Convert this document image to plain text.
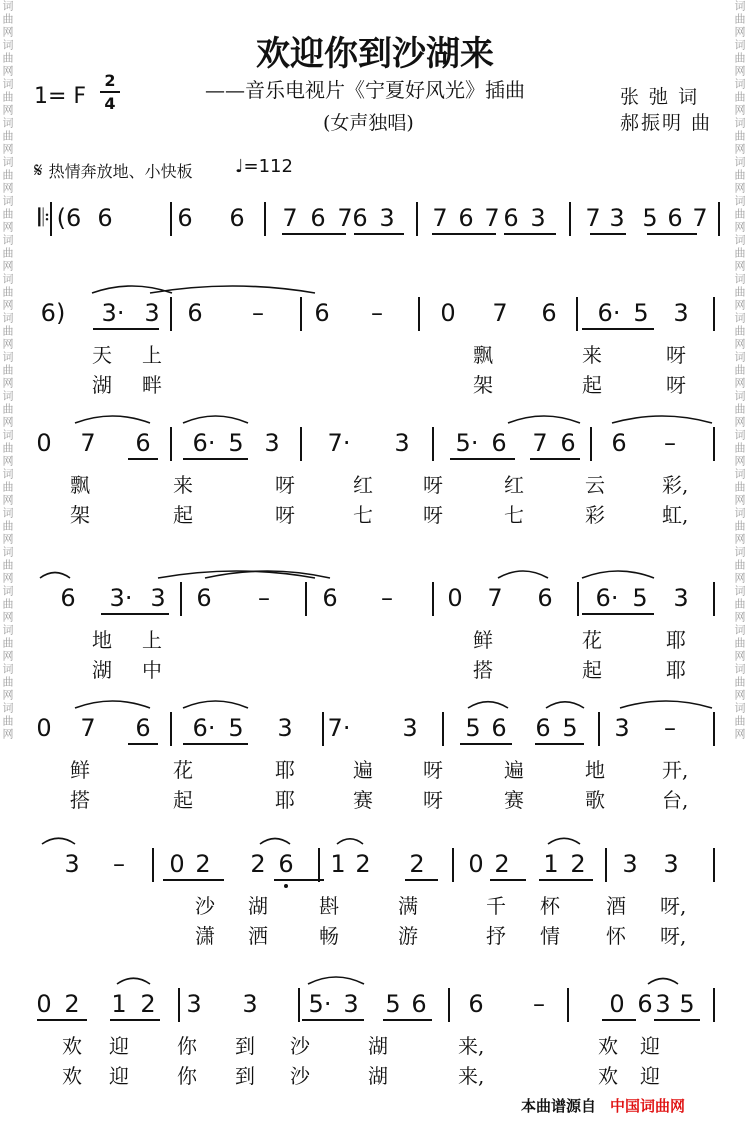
词曲网词曲网词曲网词曲网词曲网词曲网词曲网词曲网词曲网词曲网词曲网词曲网词曲网词曲网词曲网词曲网词曲网词曲网词曲网	词曲网词曲网词曲网词曲网词曲网词曲网词曲网词曲网词曲网词曲网词曲网词曲网词曲网词曲网词曲网词曲网词曲网词曲网词曲网
欢迎你到沙湖来
——音乐电视片《宁夏好风光》插曲
(女声独唱)
1= F
2
4	张 弛 词
郝振明 曲
𝄋 热情奔放地、小快板 ♩=112
𝄆 (6 6	6 6 7 6 7 6 3 7 6 7 6 3 7 3 5 6 7
6)	3· 3 6 – 6 – 0 7 6	6· 5 3
天 上	飘	来	呀
湖 畔	架	起	呀
0 7 6	6· 5 3	7·	3	5· 6 7 6 6 –
飘	来	呀	红	呀	红	云	彩,
架	起	呀	七	呀	七	彩	虹,
6	3· 3 6 – 6 – 0 7 6	6· 5 3
地 上	鲜	花	耶
湖 中	搭	起	耶
0 7 6	6· 5 3	7·	3 5 6 6 5 3 –
鲜	花	耶	遍	呀	遍	地	开,
搭	起	耶	赛	呀	赛	歌	台,
3 – 0 2 2 6 1 2 2 0 2 1 2 3 3
沙 湖	斟	满	千 杯 酒 呀,
潇 洒	畅	游	抒 情 怀 呀,
0 2 1 2 3 3	5· 3 5 6 6 –	0 6 3 5
欢 迎 你 到 沙	湖	来,	欢 迎
欢 迎 你 到 沙	湖	来,	欢 迎
本曲谱源自 中国词曲网
